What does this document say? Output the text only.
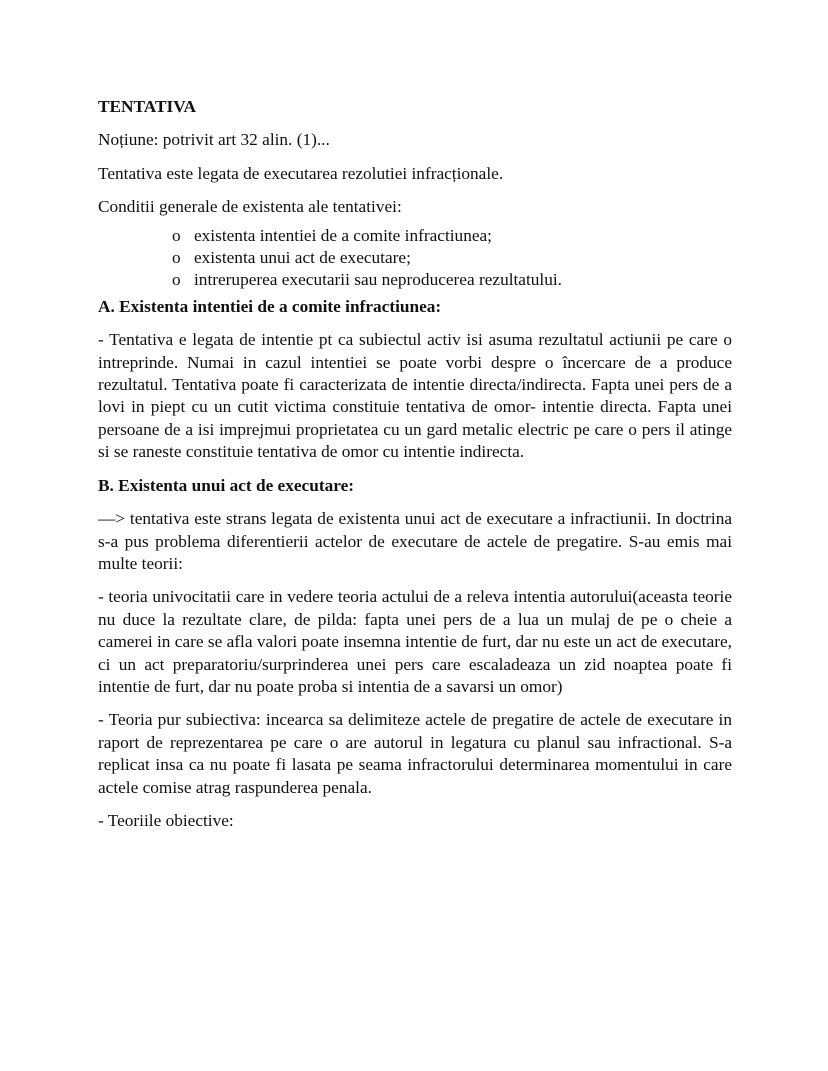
TENTATIVA
Noțiune: potrivit art 32 alin. (1)...
Tentativa este legata de executarea rezolutiei infracționale.
Conditii generale de existenta ale tentativei:
o existenta intentiei de a comite infractiunea;
o existenta unui act de executare;
o intreruperea executarii sau neproducerea rezultatului.
A. Existenta intentiei de a comite infractiunea:
- Tentativa e legata de intentie pt ca subiectul activ isi asuma rezultatul actiunii pe care o intreprinde. Numai in cazul intentiei se poate vorbi despre o încercare de a produce rezultatul. Tentativa poate fi caracterizata de intentie directa/indirecta. Fapta unei pers de a lovi in piept cu un cutit victima constituie tentativa de omor- intentie directa. Fapta unei persoane de a isi imprejmui proprietatea cu un gard metalic electric pe care o pers il atinge si se raneste constituie tentativa de omor cu intentie indirecta.
B. Existenta unui act de executare:
—> tentativa este strans legata de existenta unui act de executare a infractiunii. In doctrina s-a pus problema diferentierii actelor de executare de actele de pregatire. S-au emis mai multe teorii:
- teoria univocitatii care in vedere teoria actului de a releva intentia autorului(aceasta teorie nu duce la rezultate clare, de pilda: fapta unei pers de a lua un mulaj de pe o cheie a camerei in care se afla valori poate insemna intentie de furt, dar nu este un act de executare, ci un act preparatoriu/surprinderea unei pers care escaladeaza un zid noaptea poate fi intentie de furt, dar nu poate proba si intentia de a savarsi un omor)
- Teoria pur subiectiva: incearca sa delimiteze actele de pregatire de actele de executare in raport de reprezentarea pe care o are autorul in legatura cu planul sau infractional. S-a replicat insa ca nu poate fi lasata pe seama infractorului determinarea momentului in care actele comise atrag raspunderea penala.
- Teoriile obiective:
